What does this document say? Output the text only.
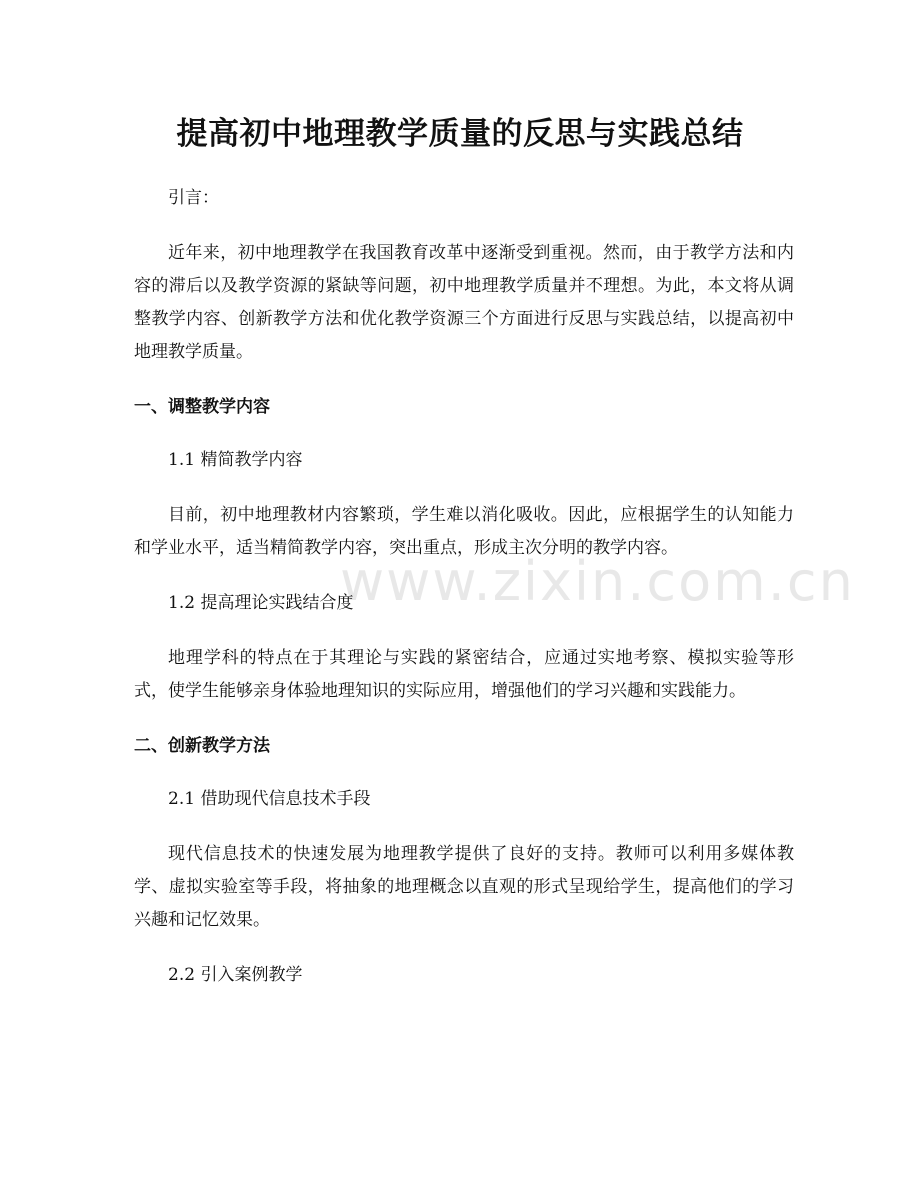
提高初中地理教学质量的反思与实践总结
引言：
近年来，初中地理教学在我国教育改革中逐渐受到重视。然而，由于教学方法和内容的滞后以及教学资源的紧缺等问题，初中地理教学质量并不理想。为此，本文将从调整教学内容、创新教学方法和优化教学资源三个方面进行反思与实践总结，以提高初中地理教学质量。
一、调整教学内容
1.1 精简教学内容
目前，初中地理教材内容繁琐，学生难以消化吸收。因此，应根据学生的认知能力和学业水平，适当精简教学内容，突出重点，形成主次分明的教学内容。
1.2 提高理论实践结合度
地理学科的特点在于其理论与实践的紧密结合，应通过实地考察、模拟实验等形式，使学生能够亲身体验地理知识的实际应用，增强他们的学习兴趣和实践能力。
二、创新教学方法
2.1 借助现代信息技术手段
现代信息技术的快速发展为地理教学提供了良好的支持。教师可以利用多媒体教学、虚拟实验室等手段，将抽象的地理概念以直观的形式呈现给学生，提高他们的学习兴趣和记忆效果。
2.2 引入案例教学
www.zixin.com.cn
